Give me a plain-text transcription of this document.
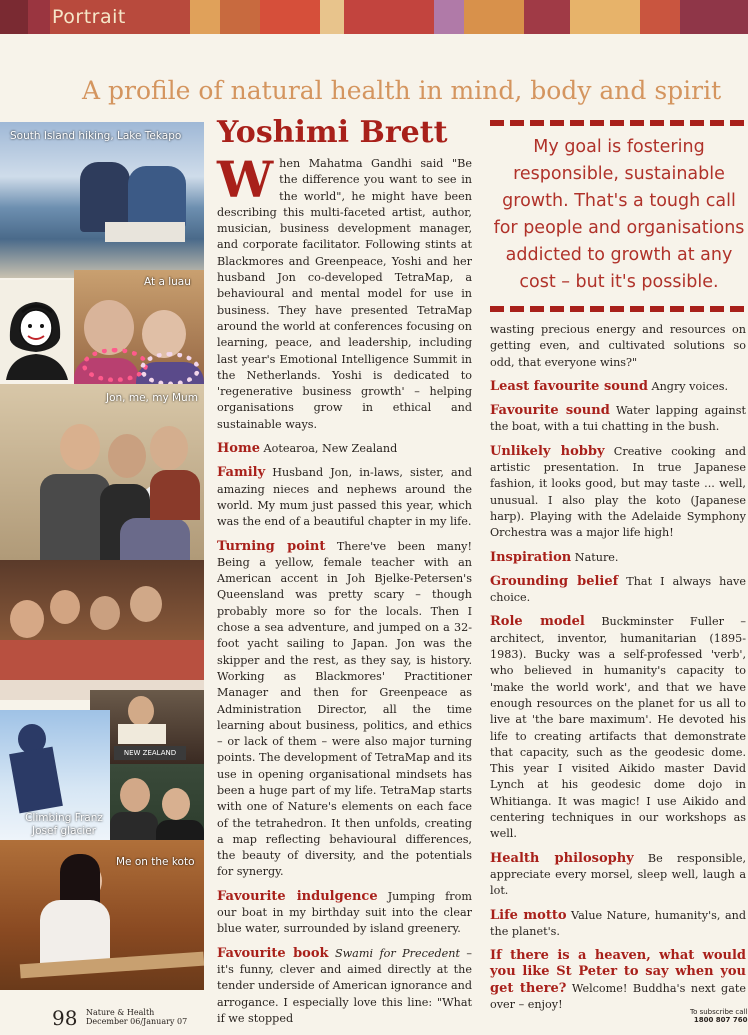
Portrait
A profile of natural health in mind, body and spirit
South Island hiking, Lake Tekapo
At a luau
Jon, me, my Mum
NEW ZEALAND
Climbing Franz Josef glacier
Me on the koto
Yoshimi Brett

When Mahatma Gandhi said "Be the difference you want to see in the world", he might have been describing this multi-faceted artist, author, musician, business development manager, and corporate facilitator. Following stints at Blackmores and Greenpeace, Yoshi and her husband Jon co-developed TetraMap, a behavioural and mental model for use in business. They have presented TetraMap around the world at conferences focusing on learning, peace, and leadership, including last year's Emotional Intelligence Summit in the Netherlands. Yoshi is dedicated to 'regenerative business growth' – helping organisations grow in ethical and sustainable ways.

Home Aotearoa, New Zealand

Family Husband Jon, in-laws, sister, and amazing nieces and nephews around the world. My mum just passed this year, which was the end of a beautiful chapter in my life.

Turning point There've been many! Being a yellow, female teacher with an American accent in Joh Bjelke-Petersen's Queensland was pretty scary – though probably more so for the locals. Then I chose a sea adventure, and jumped on a 32-foot yacht sailing to Japan. Jon was the skipper and the rest, as they say, is history. Working as Blackmores' Practitioner Manager and then for Greenpeace as Administration Director, all the time learning about business, politics, and ethics – or lack of them – were also major turning points. The development of TetraMap and its use in opening organisational mindsets has been a huge part of my life. TetraMap starts with one of Nature's elements on each face of the tetrahedron. It then unfolds, creating a map reflecting behavioural differences, the beauty of diversity, and the potentials for synergy.

Favourite indulgence Jumping from our boat in my birthday suit into the clear blue water, surrounded by island greenery.

Favourite book Swami for Precedent – it's funny, clever and aimed directly at the tender underside of American ignorance and arrogance. I especially love this line: "What if we stopped

My goal is fostering responsible, sustainable growth. That's a tough call for people and organisations addicted to growth at any cost – but it's possible.

wasting precious energy and resources on getting even, and cultivated solutions so odd, that everyone wins?"

Least favourite sound Angry voices.

Favourite sound Water lapping against the boat, with a tui chatting in the bush.

Unlikely hobby Creative cooking and artistic presentation. In true Japanese fashion, it looks good, but may taste ... well, unusual. I also play the koto (Japanese harp). Playing with the Adelaide Symphony Orchestra was a major life high!

Inspiration Nature.

Grounding belief That I always have choice.

Role model Buckminster Fuller – architect, inventor, humanitarian (1895-1983). Bucky was a self-professed 'verb', who believed in humanity's capacity to 'make the world work', and that we have enough resources on the planet for us all to live at 'the bare maximum'. He devoted his life to creating artifacts that demonstrate that capacity, such as the geodesic dome. This year I visited Aikido master David Lynch at his geodesic dome dojo in Whitianga. It was magic! I use Aikido and centering techniques in our workshops as well.

Health philosophy Be responsible, appreciate every morsel, sleep well, laugh a lot.

Life motto Value Nature, humanity's, and the planet's.

If there is a heaven, what would you like St Peter to say when you get there? Welcome! Buddha's next gate over – enjoy!

98 Nature & Health
December 06/January 07
To subscribe call
1800 807 760
